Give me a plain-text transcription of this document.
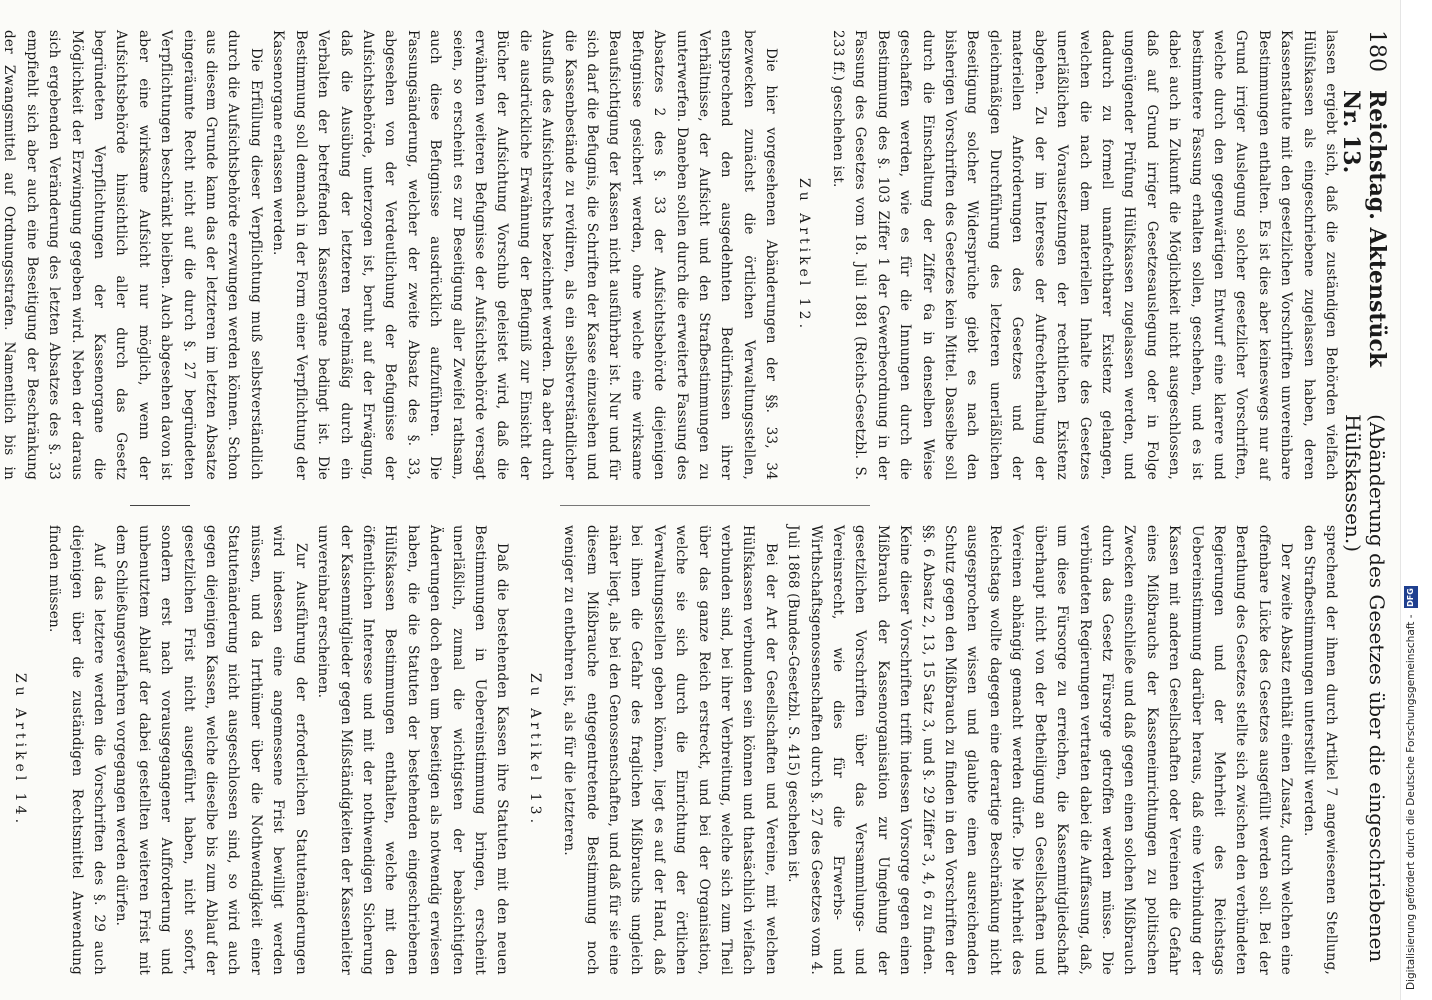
180
Reichstag. Aktenstück Nr. 13.
(Abänderung des Gesetzes über die eingeschriebenen Hülfskassen.)

lassen ergiebt sich, daß die zuständigen Behörden vielfach Hülfskassen als eingeschriebene zugelassen haben, deren Kassenstatute mit den gesetzlichen Vorschriften unvereinbare Bestimmungen enthalten. Es ist dies aber keineswegs nur auf Grund irriger Auslegung solcher gesetzlicher Vorschriften, welche durch den gegenwärtigen Entwurf eine klarere und bestimmtere Fassung erhalten sollen, geschehen, und es ist dabei auch in Zukunft die Möglichkeit nicht ausgeschlossen, daß auf Grund irriger Gesetzesauslegung oder in Folge ungenügender Prüfung Hülfskassen zugelassen werden, und dadurch zu formell unanfechtbarer Existenz gelangen, welchen die nach dem materiellen Inhalte des Gesetzes unerläßlichen Voraussetzungen der rechtlichen Existenz abgehen. Zu der im Interesse der Aufrechterhaltung der materiellen Anforderungen des Gesetzes und der gleichmäßigen Durchführung des letzteren unerläßlichen Beseitigung solcher Widersprüche giebt es nach den bisherigen Vorschriften des Gesetzes kein Mittel. Dasselbe soll durch die Einschaltung der Ziffer 6a in denselben Weise geschaffen werden, wie es für die Innungen durch die Bestimmung des §. 103 Ziffer 1 der Gewerbeordnung in der Fassung des Gesetzes vom 18. Juli 1881 (Reichs-Gesetzbl. S. 233 ff.) geschehen ist.

Zu Artikel 12.

Die hier vorgesehenen Abänderungen der §§. 33, 34 bezwecken zunächst die örtlichen Verwaltungsstellen, entsprechend den ausgedehnten Bedürfnissen ihrer Verhältnisse, der Aufsicht und den Strafbestimmungen zu unterwerfen. Daneben sollen durch die erweiterte Fassung des Absatzes 2 des §. 33 der Aufsichtsbehörde diejenigen Befugnisse gesichert werden, ohne welche eine wirksame Beaufsichtigung der Kassen nicht ausführbar ist. Nur und für sich darf die Befugnis, die Schriften der Kasse einzusehen und die Kassenbestände zu revidiren, als ein selbstverständlicher Ausfluß des Aufsichtsrechts bezeichnet werden. Da aber durch die ausdrückliche Erwähnung der Befugniß zur Einsicht der Bücher der Aufsichtung Vorschub geleistet wird, daß die erwähnten weiteren Befugnisse der Aufsichtsbehörde versagt seien, so erscheint es zur Beseitigung aller Zweifel rathsam, auch diese Befugnisse ausdrücklich aufzuführen. Die Fassungsänderung, welcher der zweite Absatz des §. 33, abgesehen von der Verdeutlichung der Befugnisse der Aufsichtsbehörde, unterzogen ist, beruht auf der Erwägung, daß die Ausübung der letzteren regelmäßig durch ein Verbalten der betreffenden Kassenorgane bedingt ist. Die Bestimmung soll demnach in der Form einer Verpflichtung der Kassenorgane erlassen werden.

Die Erfüllung dieser Verpflichtung muß selbstverständlich durch die Aufsichtsbehörde erzwungen werden können. Schon aus diesem Grunde kann das der letzteren im letzten Absatze eingeräumte Recht nicht auf die durch §. 27 begründeten Verpflichtungen beschränkt bleiben. Auch abgesehen davon ist aber eine wirksame Aufsicht nur möglich, wenn der Aufsichtsbehörde hinsichtlich aller durch das Gesetz begründeten Verpflichtungen der Kassenorgane die Möglichkeit der Erzwingung gegeben wird. Neben der daraus sich ergebenden Veränderung des letzten Absatzes des §. 33 empfiehlt sich aber auch eine Beseitigung der Beschränkung der Zwangsmittel auf Ordnungsstrafen. Namentlich bis in

sprechend der ihnen durch Artikel 7 angewiesenen Stellung, den Strafbestimmungen unterstellt werden.

Der zweite Absatz enthält einen Zusatz, durch welchen eine offenbare Lücke des Gesetzes ausgefüllt werden soll. Bei der Berathung des Gesetzes stellte sich zwischen den verbündeten Regierungen und der Mehrheit des Reichstags Uebereinstimmung darüber heraus, daß eine Verbindung der Kassen mit anderen Gesellschaften oder Vereinen die Gefahr eines Mißbrauchs der Kasseneinrichtungen zu politischen Zwecken einschließe und daß gegen einen solchen Mißbrauch durch das Gesetz Fürsorge getroffen werden müsse. Die verbündeten Regierungen vertraten dabei die Auffassung, daß, um diese Fürsorge zu erreichen, die Kassenmitgliedschaft überhaupt nicht von der Betheiligung an Gesellschaften und Vereinen abhängig gemacht werden dürfe. Die Mehrheit des Reichstags wollte dagegen eine derartige Beschränkung nicht ausgesprochen wissen und glaubte einen ausreichenden Schutz gegen den Mißbrauch zu finden in den Vorschriften der §§. 6 Absatz 2, 13, 15 Satz 3, und §. 29 Ziffer 3, 4, 6 zu finden. Keine dieser Vorschriften trifft indessen Vorsorge gegen einen Mißbrauch der Kassenorganisation zur Umgehung der gesetzlichen Vorschriften über das Versammlungs- und Vereinsrecht, wie dies für die Erwerbs- und Wirthschaftsgenossenschaften durch §. 27 des Gesetzes vom 4. Juli 1868 (Bundes-Gesetzbl. S. 415) geschehen ist.

Bei der Art der Gesellschaften und Vereine, mit welchen Hülfskassen verbunden sein können und thatsächlich vielfach verbunden sind, bei ihrer Verbreitung, welche sich zum Theil über das ganze Reich erstreckt, und bei der Organisation, welche sie sich durch die Einrichtung der örtlichen Verwaltungsstellen geben können, liegt es auf der Hand, daß bei ihnen die Gefahr des fraglichen Mißbrauchs ungleich näher liegt, als bei den Genossenschaften, und daß für sie eine diesem Mißbrauche entgegentretende Bestimmung noch weniger zu entbehren ist, als für die letzteren.

Zu Artikel 13.

Daß die bestehenden Kassen ihre Statuten mit den neuen Bestimmungen in Uebereinstimmung bringen, erscheint unerläßlich, zumal die wichtigsten der beabsichtigten Änderungen doch eben um beseitigen als notwendig erwiesen haben, die die Statuten der bestehenden eingeschriebenen Hülfskassen Bestimmungen enthalten, welche mit den öffentlichen Interesse und mit der nothwendigen Sicherung der Kassenmitglieder gegen Mißständigkeiten der Kassenleiter unvereinbar erscheinen.

Zur Ausführung der erforderlichen Statutenänderungen wird indessen eine angemessene Frist bewilligt werden müssen, und da Irrthümer über die Nothwendigkeit einer Statutenänderung nicht ausgeschlossen sind, so wird auch gegen diejenigen Kassen, welche dieselbe bis zum Ablauf der gesetzlichen Frist nicht ausgeführt haben, nicht sofort, sondern erst nach vorausgegangener Aufforderung und unbenutztem Ablauf der dabei gestellten weiteren Frist mit dem Schließungsverfahren vorgegangen werden dürfen.

Auf das letztere werden die Vorschriften des §. 29 auch diejenigen über die zuständigen Rechtsmittel Anwendung finden müssen.

Zu Artikel 14.	Digitalisierung gefördert durch die Deutsche Forschungsgemeinschaft -
DFG
